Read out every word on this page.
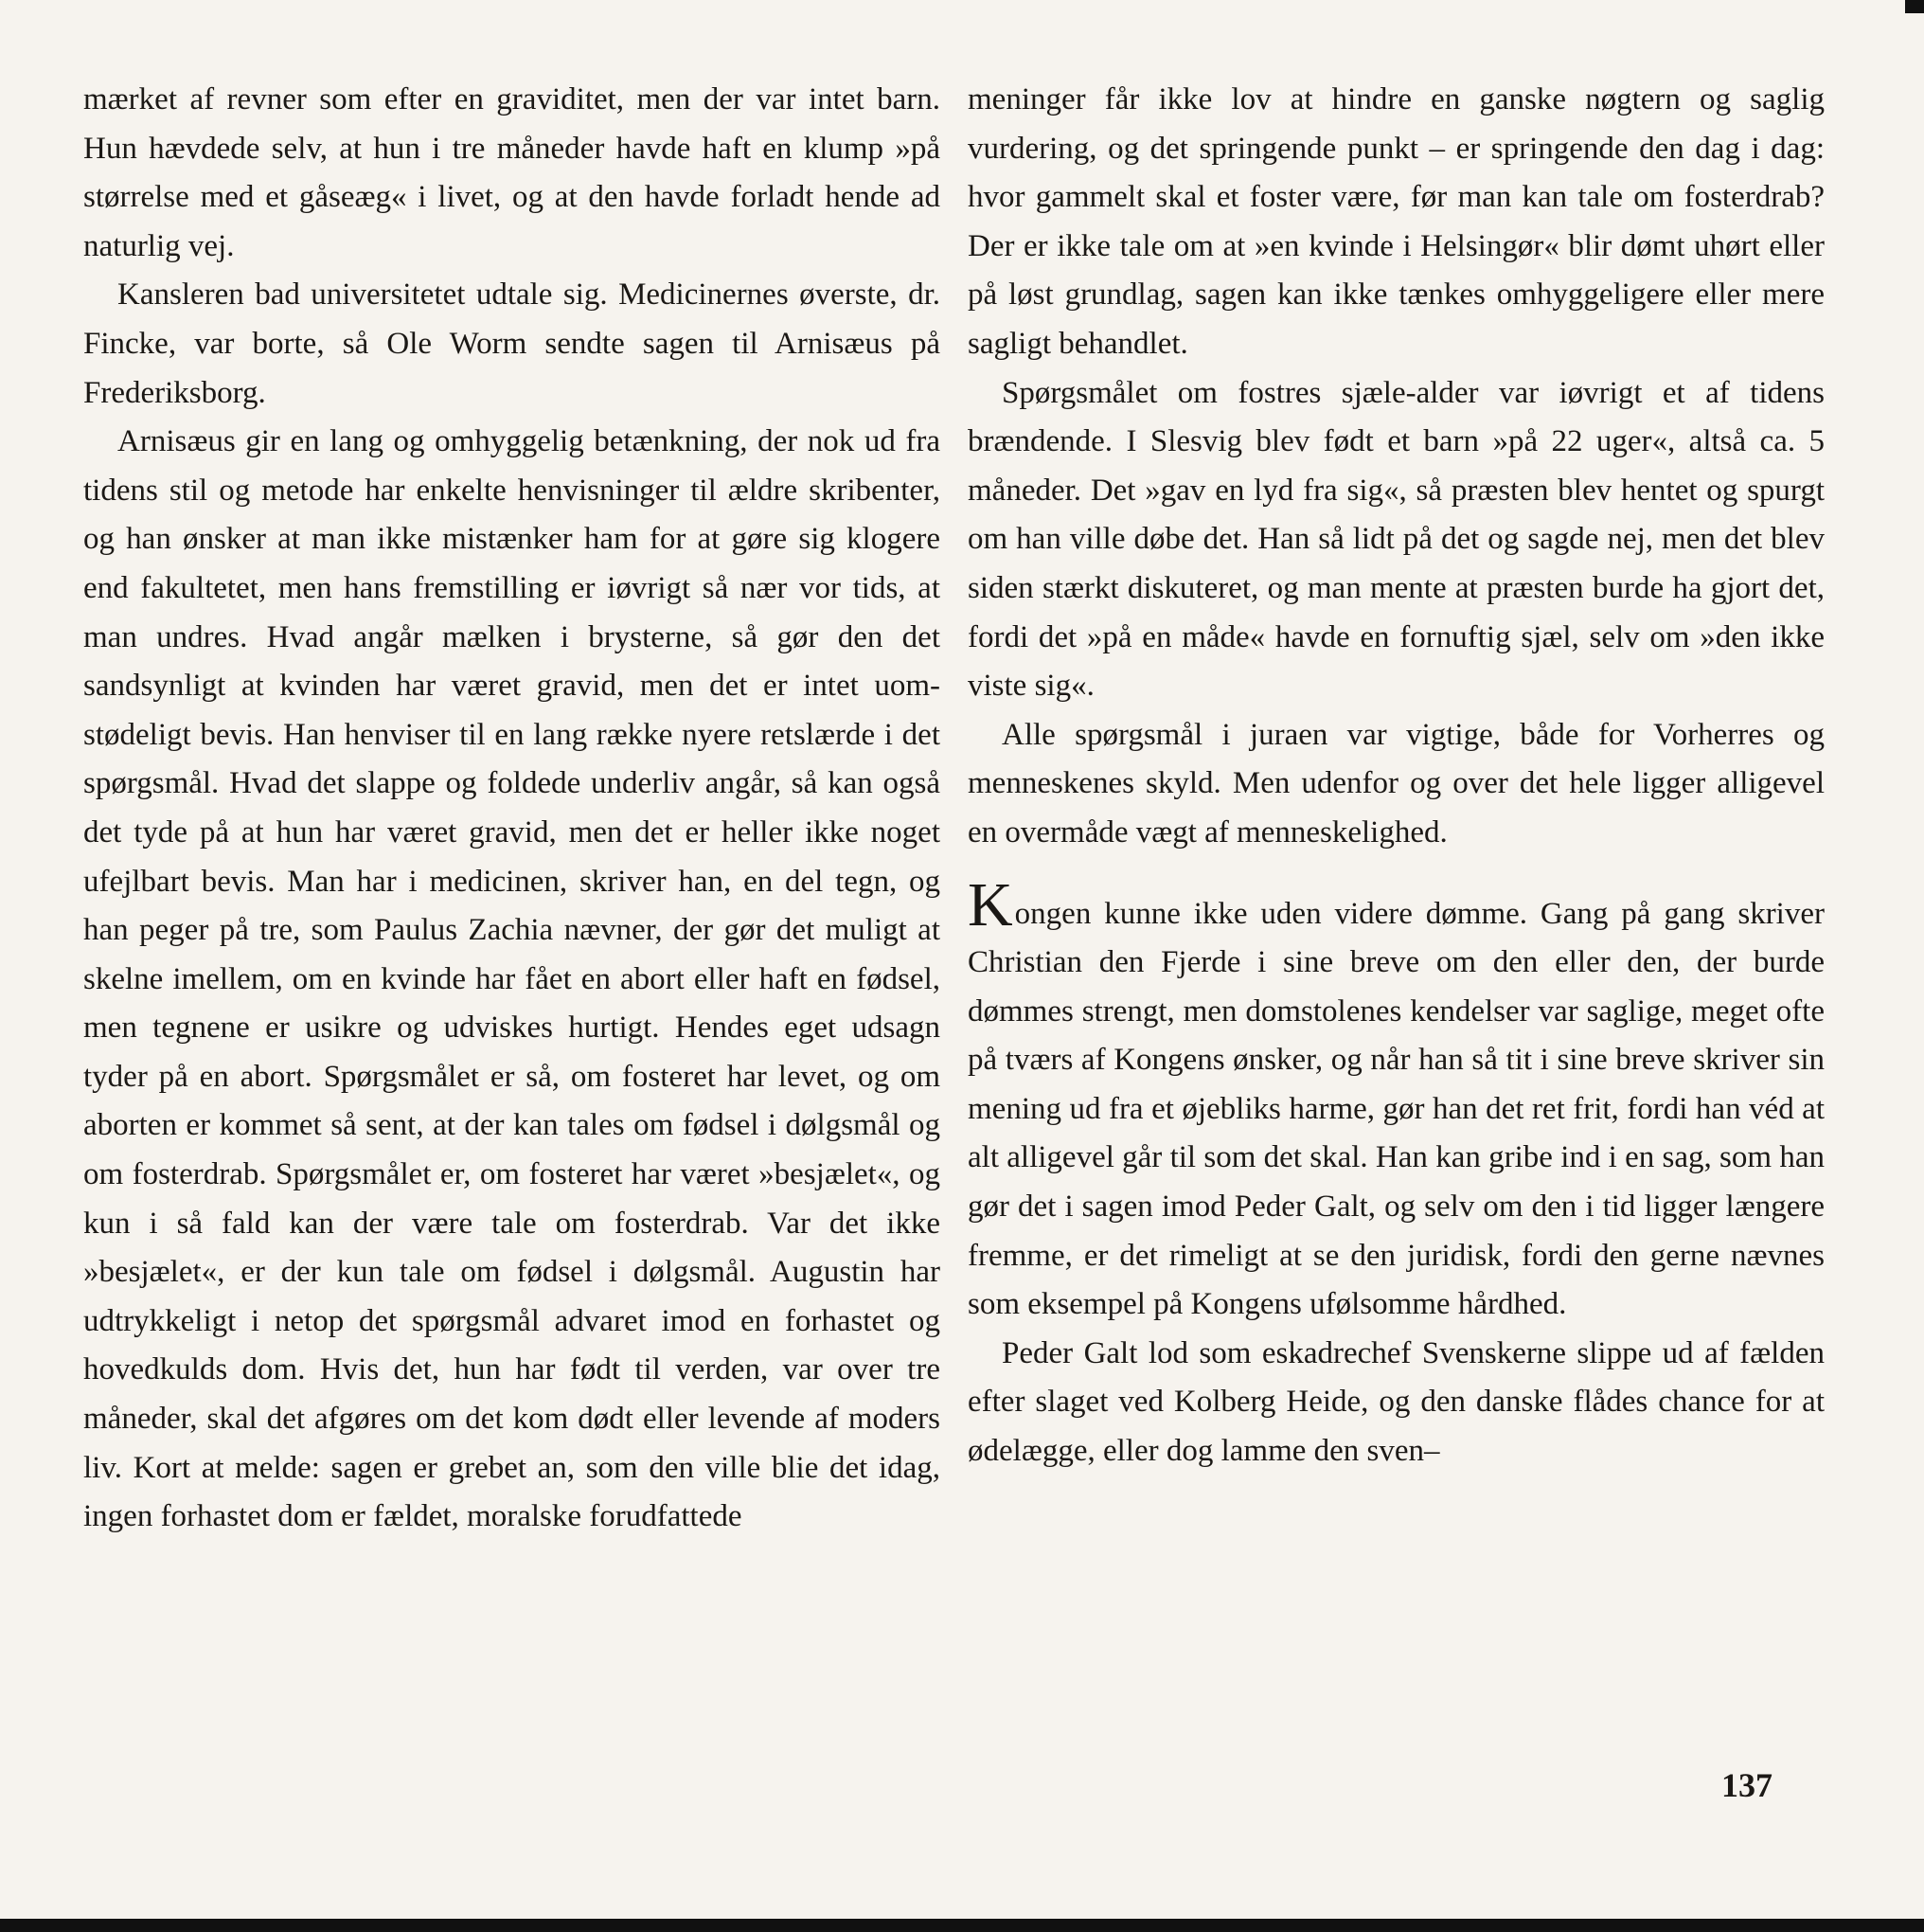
mærket af revner som efter en graviditet, men der var intet barn. Hun hævdede selv, at hun i tre måneder havde haft en klump »på størrelse med et gåseæg« i livet, og at den havde forladt hende ad naturlig vej.

Kansleren bad universitetet udtale sig. Medicinernes øverste, dr. Fincke, var borte, så Ole Worm sendte sagen til Arnisæus på Frederiksborg.

Arnisæus gir en lang og omhyggelig betænkning, der nok ud fra tidens stil og metode har enkelte henvisninger til ældre skribenter, og han ønsker at man ikke mistænker ham for at gøre sig klogere end fakultetet, men hans fremstilling er iøvrigt så nær vor tids, at man undres. Hvad angår mælken i brysterne, så gør den det sandsynligt at kvinden har været gravid, men det er intet uomstødeligt bevis. Han henviser til en lang række nyere retslærde i det spørgsmål. Hvad det slappe og foldede underliv angår, så kan også det tyde på at hun har været gravid, men det er heller ikke noget ufejlbart bevis. Man har i medicinen, skriver han, en del tegn, og han peger på tre, som Paulus Zachia nævner, der gør det muligt at skelne imellem, om en kvinde har fået en abort eller haft en fødsel, men tegnene er usikre og udviskes hurtigt. Hendes eget udsagn tyder på en abort. Spørgsmålet er så, om fosteret har levet, og om aborten er kommet så sent, at der kan tales om fødsel i dølgsmål og om fosterdrab. Spørgsmålet er, om fosteret har været »besjælet«, og kun i så fald kan der være tale om fosterdrab. Var det ikke »besjælet«, er der kun tale om fødsel i dølgsmål. Augustin har udtrykkeligt i netop det spørgsmål advaret imod en forhastet og hovedkulds dom. Hvis det, hun har født til verden, var over tre måneder, skal det afgøres om det kom dødt eller levende af moders liv. Kort at melde: sagen er grebet an, som den ville blie det idag, ingen forhastet dom er fældet, moralske forudfattede

meninger får ikke lov at hindre en ganske nøgtern og saglig vurdering, og det springende punkt – er springende den dag i dag: hvor gammelt skal et foster være, før man kan tale om fosterdrab? Der er ikke tale om at »en kvinde i Helsingør« blir dømt uhørt eller på løst grundlag, sagen kan ikke tænkes omhyggeligere eller mere sagligt behandlet.

Spørgsmålet om fostres sjæle-alder var iøvrigt et af tidens brændende. I Slesvig blev født et barn »på 22 uger«, altså ca. 5 måneder. Det »gav en lyd fra sig«, så præsten blev hentet og spurgt om han ville døbe det. Han så lidt på det og sagde nej, men det blev siden stærkt diskuteret, og man mente at præsten burde ha gjort det, fordi det »på en måde« havde en fornuftig sjæl, selv om »den ikke viste sig«.

Alle spørgsmål i juraen var vigtige, både for Vorherres og menneskenes skyld. Men udenfor og over det hele ligger alligevel en overmåde vægt af menneskelighed.

Kongen kunne ikke uden videre dømme. Gang på gang skriver Christian den Fjerde i sine breve om den eller den, der burde dømmes strengt, men domstolenes kendelser var saglige, meget ofte på tværs af Kongens ønsker, og når han så tit i sine breve skriver sin mening ud fra et øjebliks harme, gør han det ret frit, fordi han véd at alt alligevel går til som det skal. Han kan gribe ind i en sag, som han gør det i sagen imod Peder Galt, og selv om den i tid ligger længere fremme, er det rimeligt at se den juridisk, fordi den gerne nævnes som eksempel på Kongens ufølsomme hårdhed.

Peder Galt lod som eskadrechef Svenskerne slippe ud af fælden efter slaget ved Kolberg Heide, og den danske flådes chance for at ødelægge, eller dog lamme den sven–

137
